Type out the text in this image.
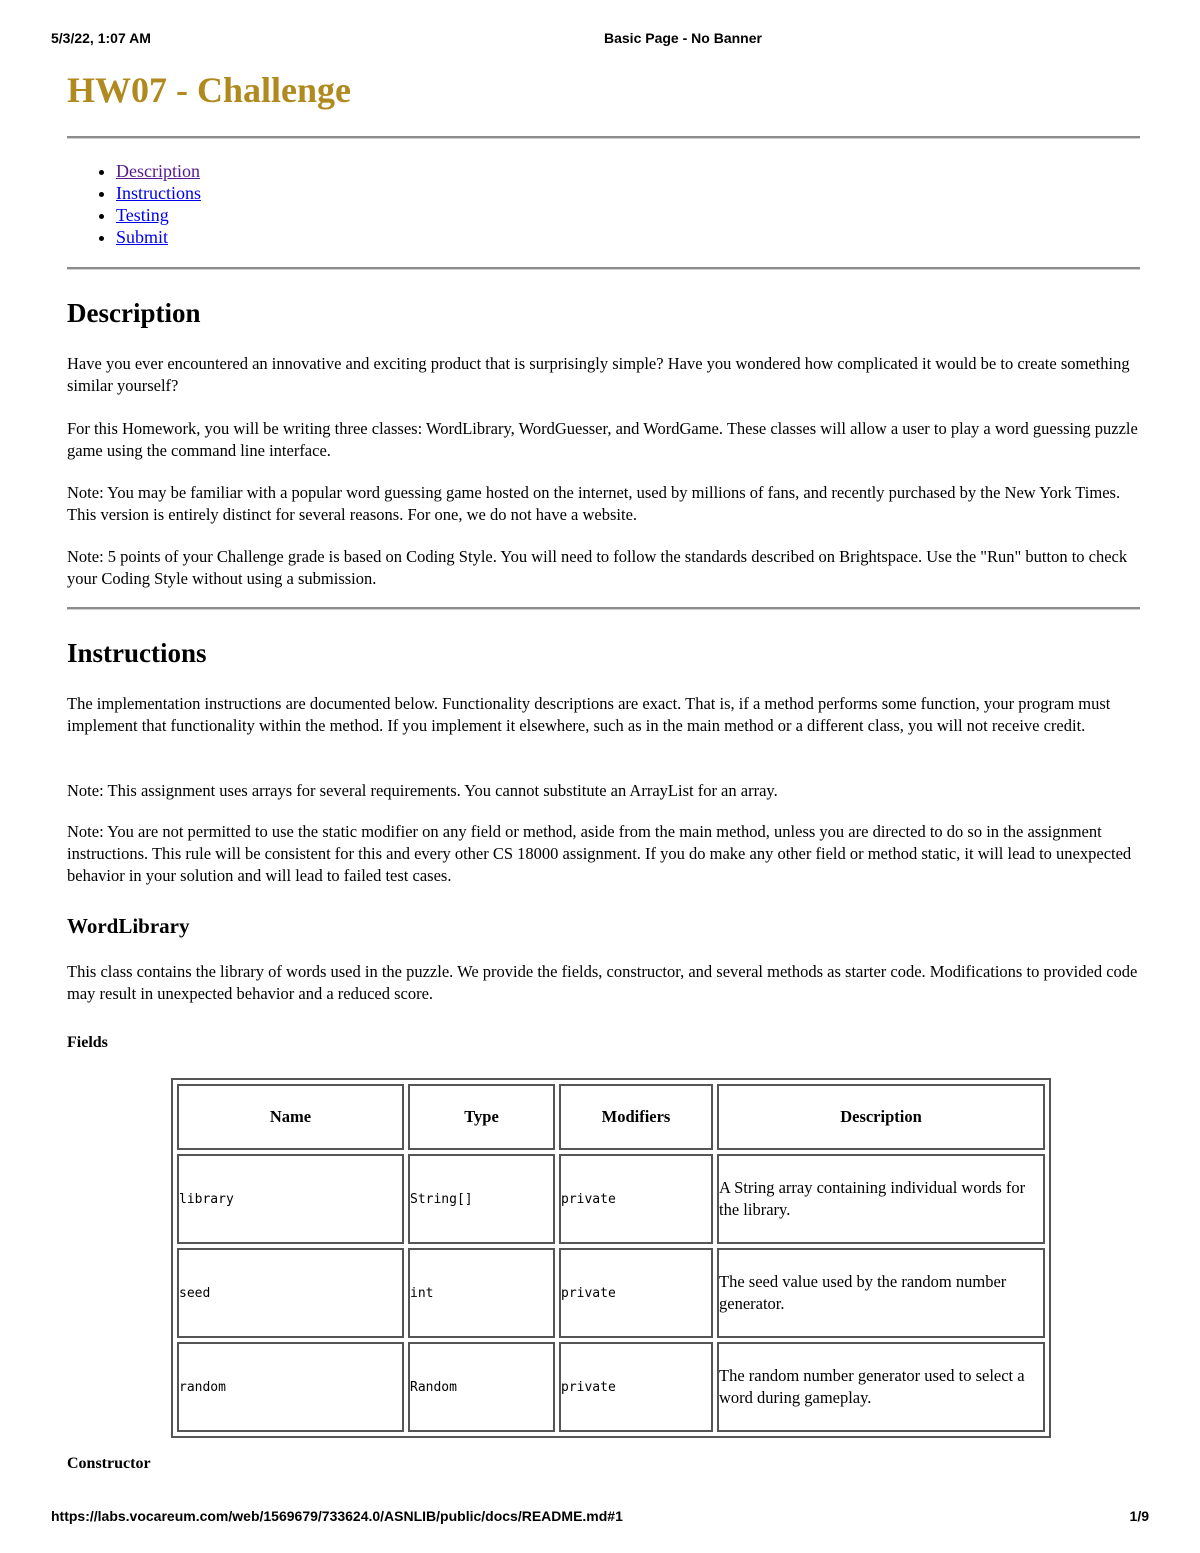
5/3/22, 1:07 AM	Basic Page - No Banner
HW07 - Challenge
• Description
• Instructions
• Testing
• Submit
Description

Have you ever encountered an innovative and exciting product that is surprisingly simple? Have you wondered how complicated it would be to create something similar yourself?

For this Homework, you will be writing three classes: WordLibrary, WordGuesser, and WordGame. These classes will allow a user to play a word guessing puzzle game using the command line interface.

Note: You may be familiar with a popular word guessing game hosted on the internet, used by millions of fans, and recently purchased by the New York Times. This version is entirely distinct for several reasons. For one, we do not have a website.

Note: 5 points of your Challenge grade is based on Coding Style. You will need to follow the standards described on Brightspace. Use the "Run" button to check your Coding Style without using a submission.

Instructions

The implementation instructions are documented below. Functionality descriptions are exact. That is, if a method performs some function, your program must implement that functionality within the method. If you implement it elsewhere, such as in the main method or a different class, you will not receive credit.

Note: This assignment uses arrays for several requirements. You cannot substitute an ArrayList for an array.

Note: You are not permitted to use the static modifier on any field or method, aside from the main method, unless you are directed to do so in the assignment instructions. This rule will be consistent for this and every other CS 18000 assignment. If you do make any other field or method static, it will lead to unexpected behavior in your solution and will lead to failed test cases.

WordLibrary

This class contains the library of words used in the puzzle. We provide the fields, constructor, and several methods as starter code. Modifications to provided code may result in unexpected behavior and a reduced score.

Fields
Name	Type	Modifiers	Description
library	String[]	private	A String array containing individual words for the library.
seed	int	private	The seed value used by the random number generator.
random	Random	private	The random number generator used to select a word during gameplay.
Constructor
https://labs.vocareum.com/web/1569679/733624.0/ASNLIB/public/docs/README.md#1	1/9
